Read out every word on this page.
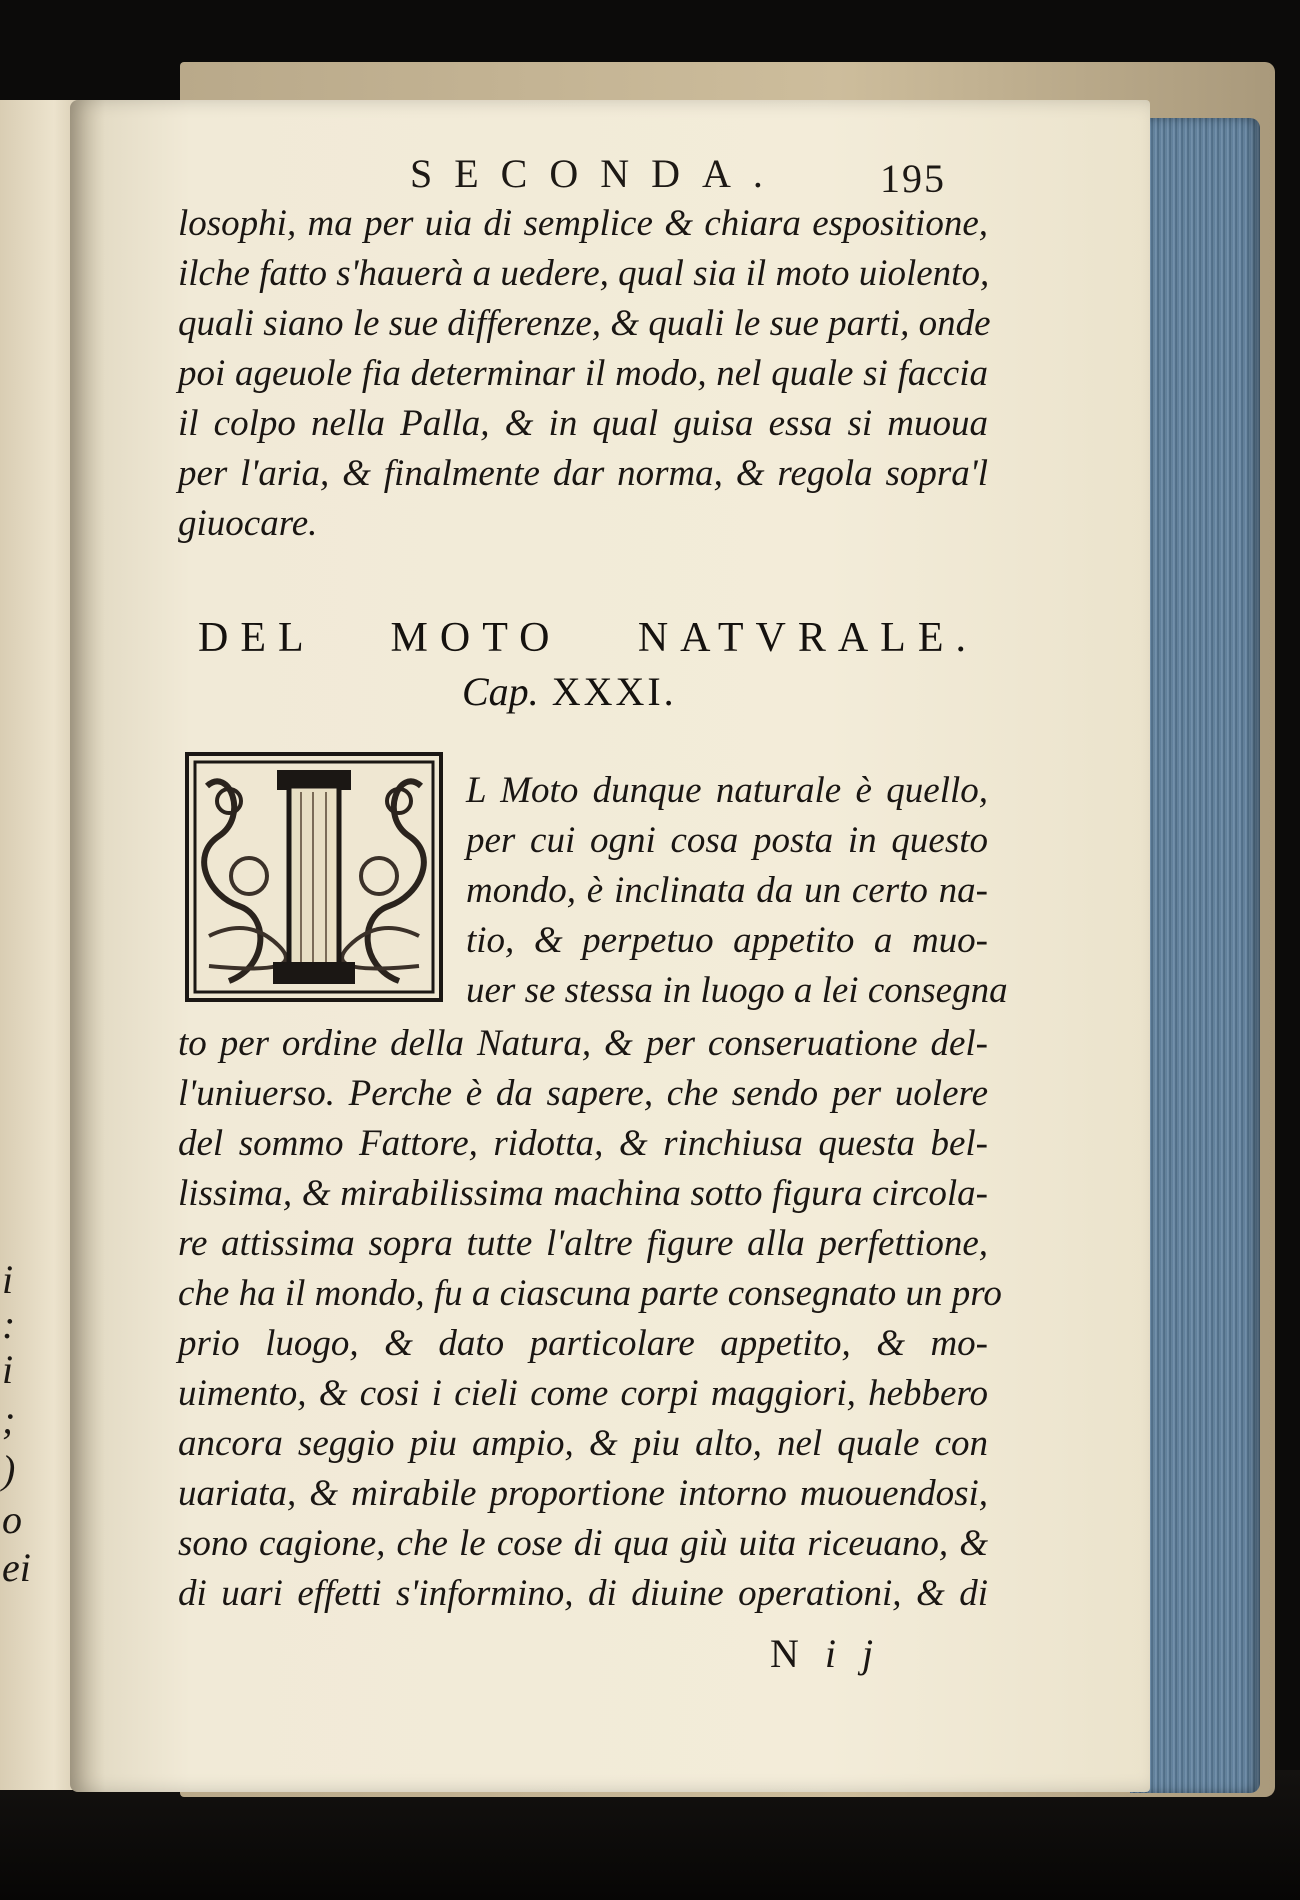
i
:
i
;
)
o
ei
SECONDA. 195
losophi, ma per uia di semplice & chiara espositione,
ilche fatto s'hauerà a uedere, qual sia il moto uiolento,
quali siano le sue differenze, & quali le sue parti, onde
poi ageuole fia determinar il modo, nel quale si faccia
il colpo nella Palla, & in qual guisa essa si muoua
per l'aria, & finalmente dar norma, & regola sopra'l
giuocare.
DEL MOTO NATVRALE.
Cap. XXXI.
L Moto dunque naturale è quello,
per cui ogni cosa posta in questo
mondo, è inclinata da un certo na-
tio, & perpetuo appetito a muo-
uer se stessa in luogo a lei consegna
to per ordine della Natura, & per conseruatione del-
l'uniuerso. Perche è da sapere, che sendo per uolere
del sommo Fattore, ridotta, & rinchiusa questa bel-
lissima, & mirabilissima machina sotto figura circola-
re attissima sopra tutte l'altre figure alla perfettione,
che ha il mondo, fu a ciascuna parte consegnato un pro
prio luogo, & dato particolare appetito, & mo-
uimento, & cosi i cieli come corpi maggiori, hebbero
ancora seggio piu ampio, & piu alto, nel quale con
uariata, & mirabile proportione intorno muouendosi,
sono cagione, che le cose di qua giù uita riceuano, &
di uari effetti s'informino, di diuine operationi, & di
Nij
